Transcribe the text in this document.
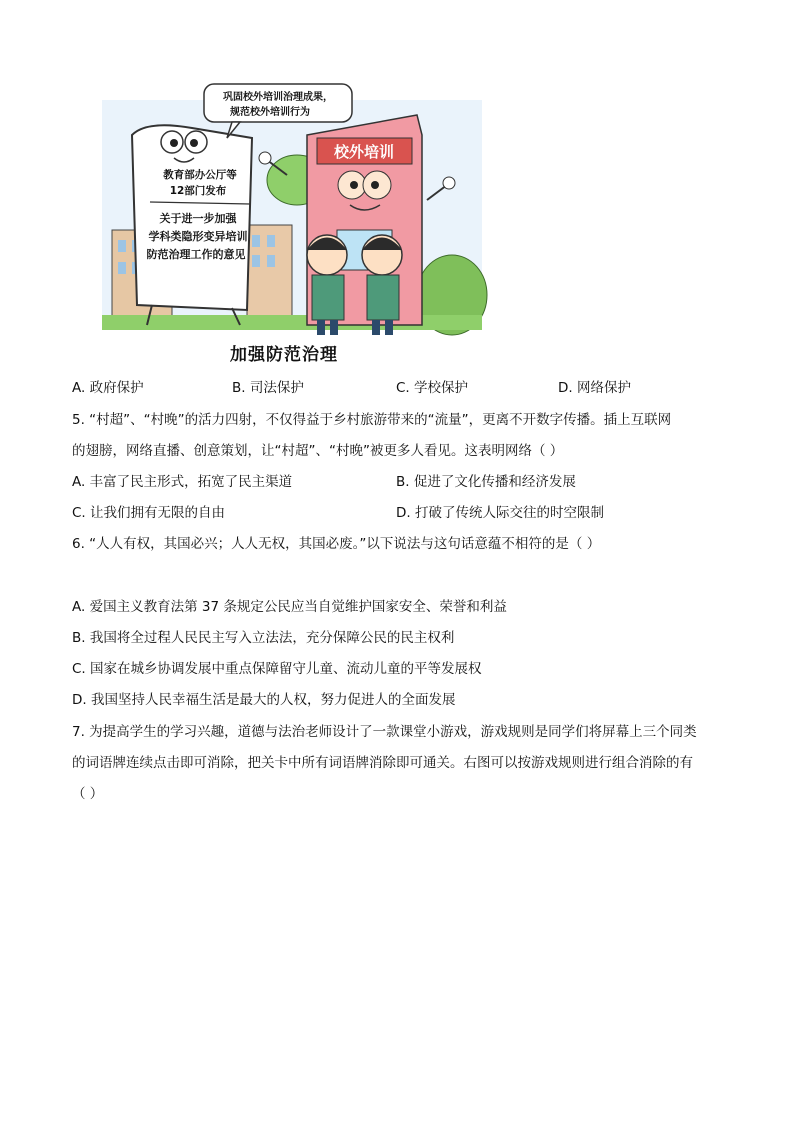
校外培训
教育部办公厅等
12部门发布
关于进一步加强
学科类隐形变异培训
防范治理工作的意见
巩固校外培训治理成果，
规范校外培训行为
加强防范治理
A. 政府保护	B. 司法保护	C. 学校保护	D. 网络保护
5. “村超”、“村晚”的活力四射，不仅得益于乡村旅游带来的“流量”，更离不开数字传播。插上互联网
的翅膀，网络直播、创意策划，让“村超”、“村晚”被更多人看见。这表明网络（ ）
A. 丰富了民主形式，拓宽了民主渠道	B. 促进了文化传播和经济发展
C. 让我们拥有无限的自由	D. 打破了传统人际交往的时空限制
6. “人人有权，其国必兴；人人无权，其国必废。”以下说法与这句话意蕴不相符的是（ ）
A. 爱国主义教育法第 37 条规定公民应当自觉维护国家安全、荣誉和利益
B. 我国将全过程人民民主写入立法法，充分保障公民的民主权利
C. 国家在城乡协调发展中重点保障留守儿童、流动儿童的平等发展权
D. 我国坚持人民幸福生活是最大的人权，努力促进人的全面发展
7. 为提高学生的学习兴趣，道德与法治老师设计了一款课堂小游戏，游戏规则是同学们将屏幕上三个同类
的词语牌连续点击即可消除，把关卡中所有词语牌消除即可通关。右图可以按游戏规则进行组合消除的有
（ ）
